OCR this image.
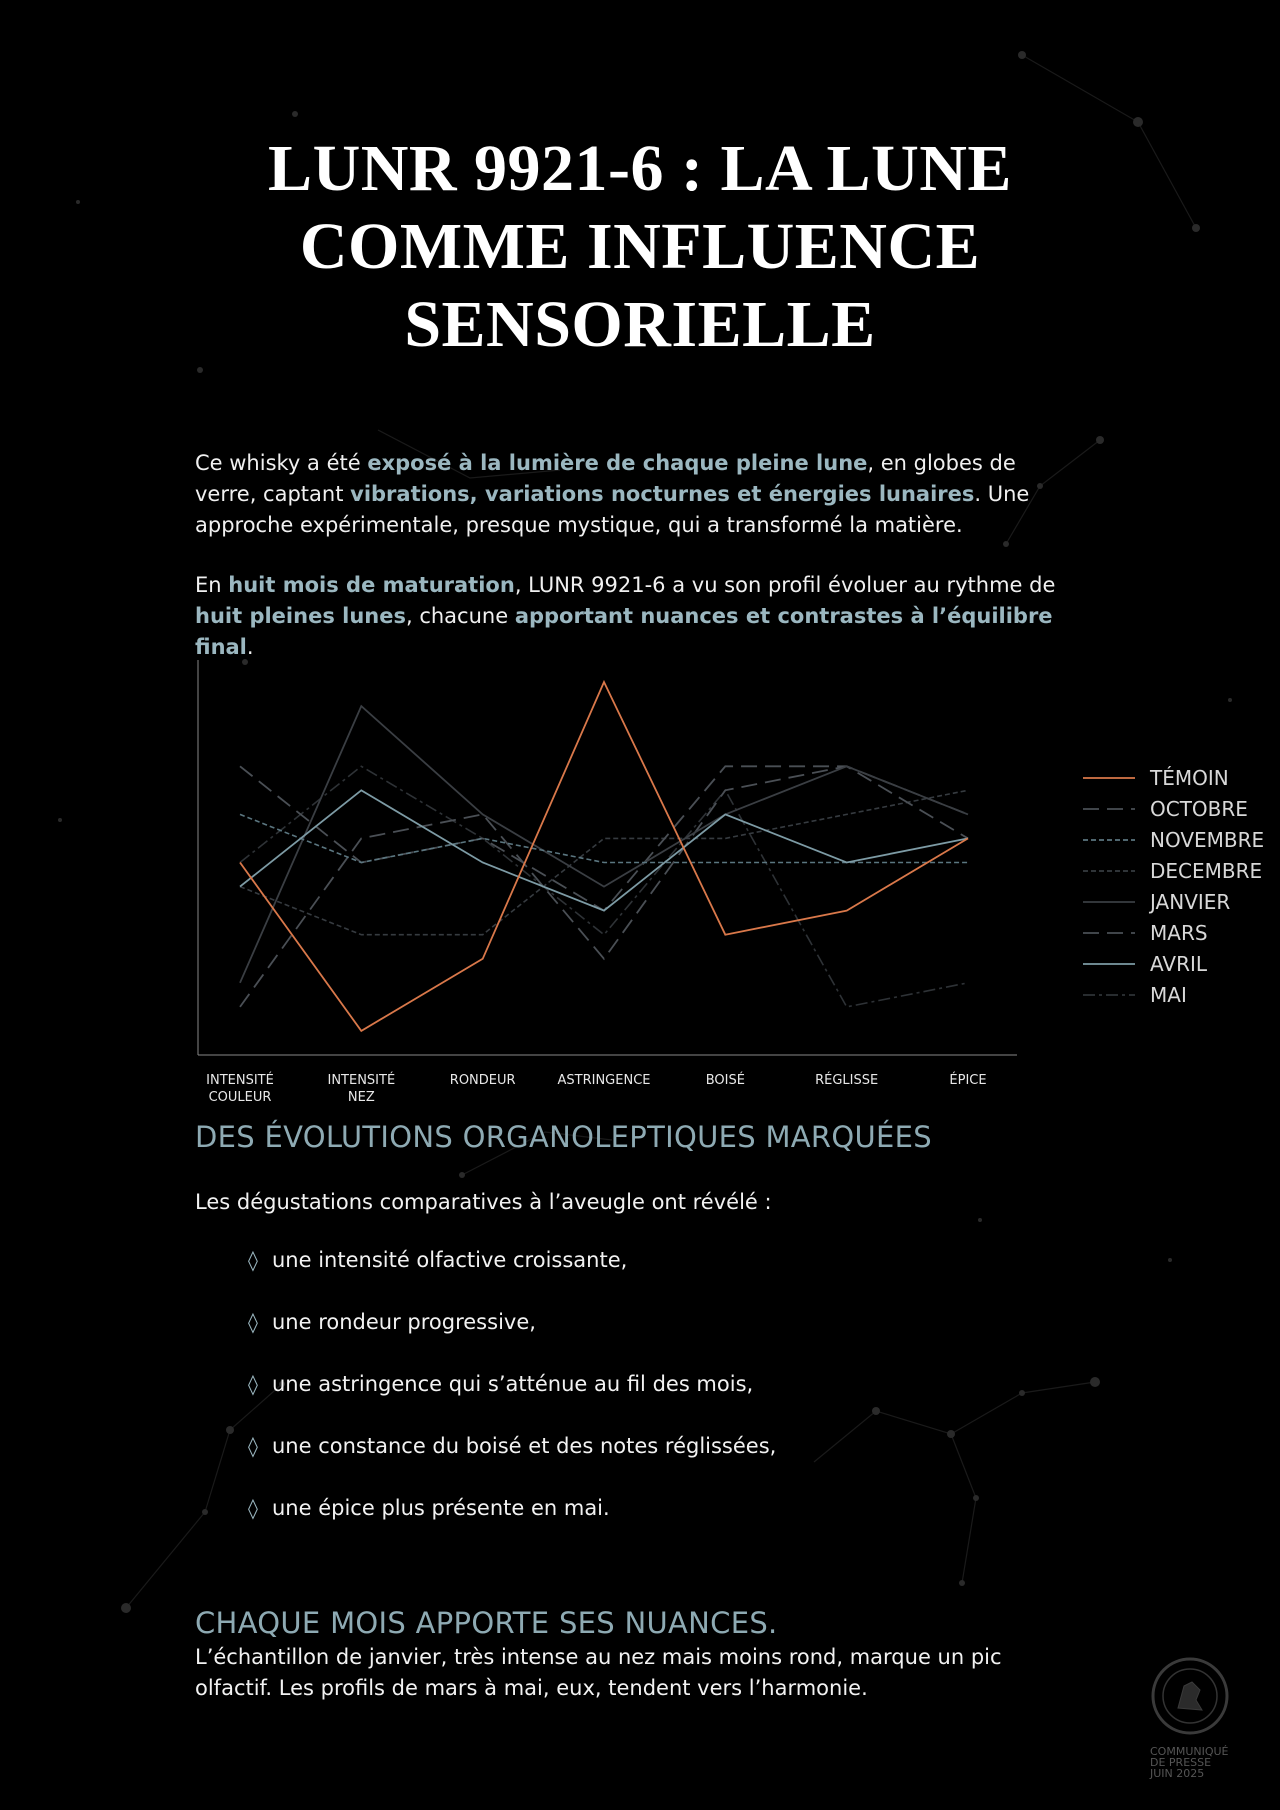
LUNR 9921-6 : LA LUNE COMME INFLUENCE SENSORIELLE

Ce whisky a été exposé à la lumière de chaque pleine lune, en globes de verre, captant vibrations, variations nocturnes et énergies lunaires. Une approche expérimentale, presque mystique, qui a transformé la matière.

En huit mois de maturation, LUNR 9921-6 a vu son profil évoluer au rythme de huit pleines lunes, chacune apportant nuances et contrastes à l’équilibre final.

INTENSITÉ COULEUR
INTENSITÉ NEZ
RONDEUR	ASTRINGENCE	BOISÉ	RÉGLISSE	ÉPICE
TÉMOIN
OCTOBRE
NOVEMBRE
DECEMBRE
JANVIER
MARS
AVRIL
MAI
DES ÉVOLUTIONS ORGANOLEPTIQUES MARQUÉES

Les dégustations comparatives à l’aveugle ont révélé :

◊ une intensité olfactive croissante,
◊ une rondeur progressive,
◊ une astringence qui s’atténue au fil des mois,
◊ une constance du boisé et des notes réglissées,
◊ une épice plus présente en mai.
CHAQUE MOIS APPORTE SES NUANCES.

L’échantillon de janvier, très intense au nez mais moins rond, marque un pic olfactif. Les profils de mars à mai, eux, tendent vers l’harmonie.

COMMUNIQUÉ
DE PRESSE
JUIN 2025
